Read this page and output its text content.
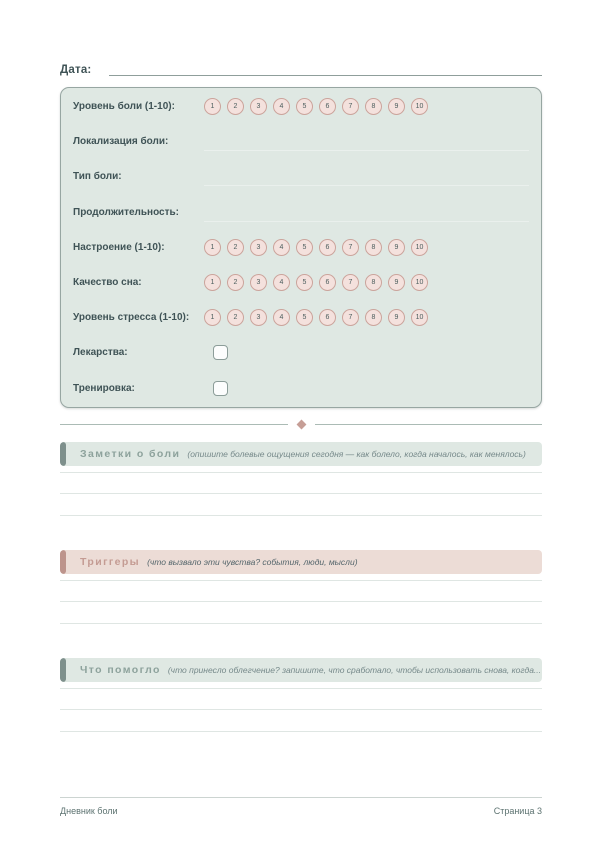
Дата:
Уровень боли (1-10):	1	2	3	4	5	6	7	8	9	10
Локализация боли:
Тип боли:
Продолжительность:
Настроение (1-10):	1	2	3	4	5	6	7	8	9	10
Качество сна:	1	2	3	4	5	6	7	8	9	10
Уровень стресса (1-10):	1	2	3	4	5	6	7	8	9	10
Лекарства:
Тренировка:
Заметки о боли (опишите болевые ощущения сегодня — как болело, когда началось, как менялось)
Триггеры (что вызвало эти чувства? события, люди, мысли)
Что помогло (что принесло облегчение? запишите, что сработало, чтобы использовать снова, когда...
Дневник боли	Страница 3
